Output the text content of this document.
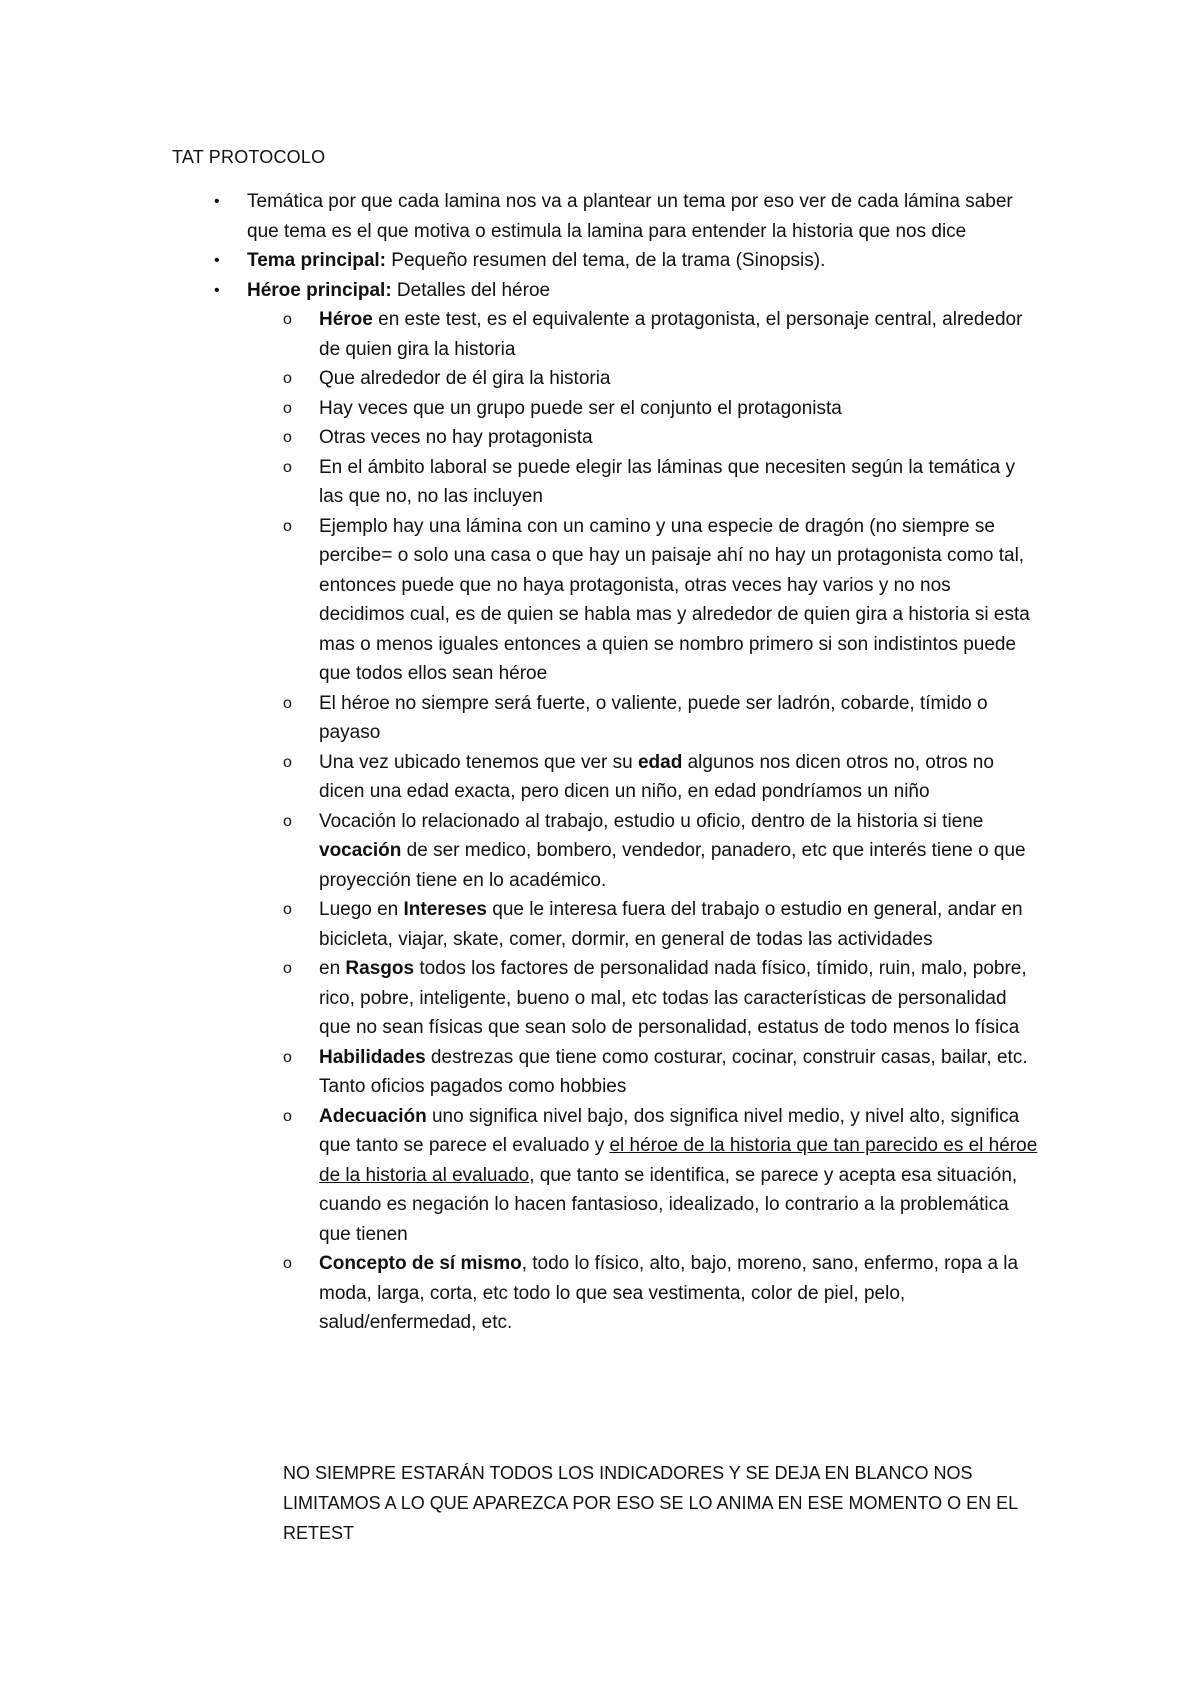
TAT PROTOCOLO
• Temática por que cada lamina nos va a plantear un tema por eso ver de cada lámina saber que tema es el que motiva o estimula la lamina para entender la historia que nos dice
• Tema principal: Pequeño resumen del tema, de la trama (Sinopsis).
• Héroe principal: Detalles del héroe
o Héroe en este test, es el equivalente a protagonista, el personaje central, alrededor de quien gira la historia
o Que alrededor de él gira la historia
o Hay veces que un grupo puede ser el conjunto el protagonista
o Otras veces no hay protagonista
o En el ámbito laboral se puede elegir las láminas que necesiten según la temática y las que no, no las incluyen
o Ejemplo hay una lámina con un camino y una especie de dragón (no siempre se percibe= o solo una casa o que hay un paisaje ahí no hay un protagonista como tal, entonces puede que no haya protagonista, otras veces hay varios y no nos decidimos cual, es de quien se habla mas y alrededor de quien gira a historia si esta mas o menos iguales entonces a quien se nombro primero si son indistintos puede que todos ellos sean héroe
o El héroe no siempre será fuerte, o valiente, puede ser ladrón, cobarde, tímido o payaso
o Una vez ubicado tenemos que ver su edad algunos nos dicen otros no, otros no dicen una edad exacta, pero dicen un niño, en edad pondríamos un niño
o Vocación lo relacionado al trabajo, estudio u oficio, dentro de la historia si tiene vocación de ser medico, bombero, vendedor, panadero, etc que interés tiene o que proyección tiene en lo académico.
o Luego en Intereses que le interesa fuera del trabajo o estudio en general, andar en bicicleta, viajar, skate, comer, dormir, en general de todas las actividades
o en Rasgos todos los factores de personalidad nada físico, tímido, ruin, malo, pobre, rico, pobre, inteligente, bueno o mal, etc todas las características de personalidad que no sean físicas que sean solo de personalidad, estatus de todo menos lo física
o Habilidades destrezas que tiene como costurar, cocinar, construir casas, bailar, etc. Tanto oficios pagados como hobbies
o Adecuación uno significa nivel bajo, dos significa nivel medio, y nivel alto, significa que tanto se parece el evaluado y el héroe de la historia que tan parecido es el héroe de la historia al evaluado, que tanto se identifica, se parece y acepta esa situación, cuando es negación lo hacen fantasioso, idealizado, lo contrario a la problemática que tienen
o Concepto de sí mismo, todo lo físico, alto, bajo, moreno, sano, enfermo, ropa a la moda, larga, corta, etc todo lo que sea vestimenta, color de piel, pelo, salud/enfermedad, etc.
NO SIEMPRE ESTARÁN TODOS LOS INDICADORES Y SE DEJA EN BLANCO NOS LIMITAMOS A LO QUE APAREZCA POR ESO SE LO ANIMA EN ESE MOMENTO O EN EL RETEST
